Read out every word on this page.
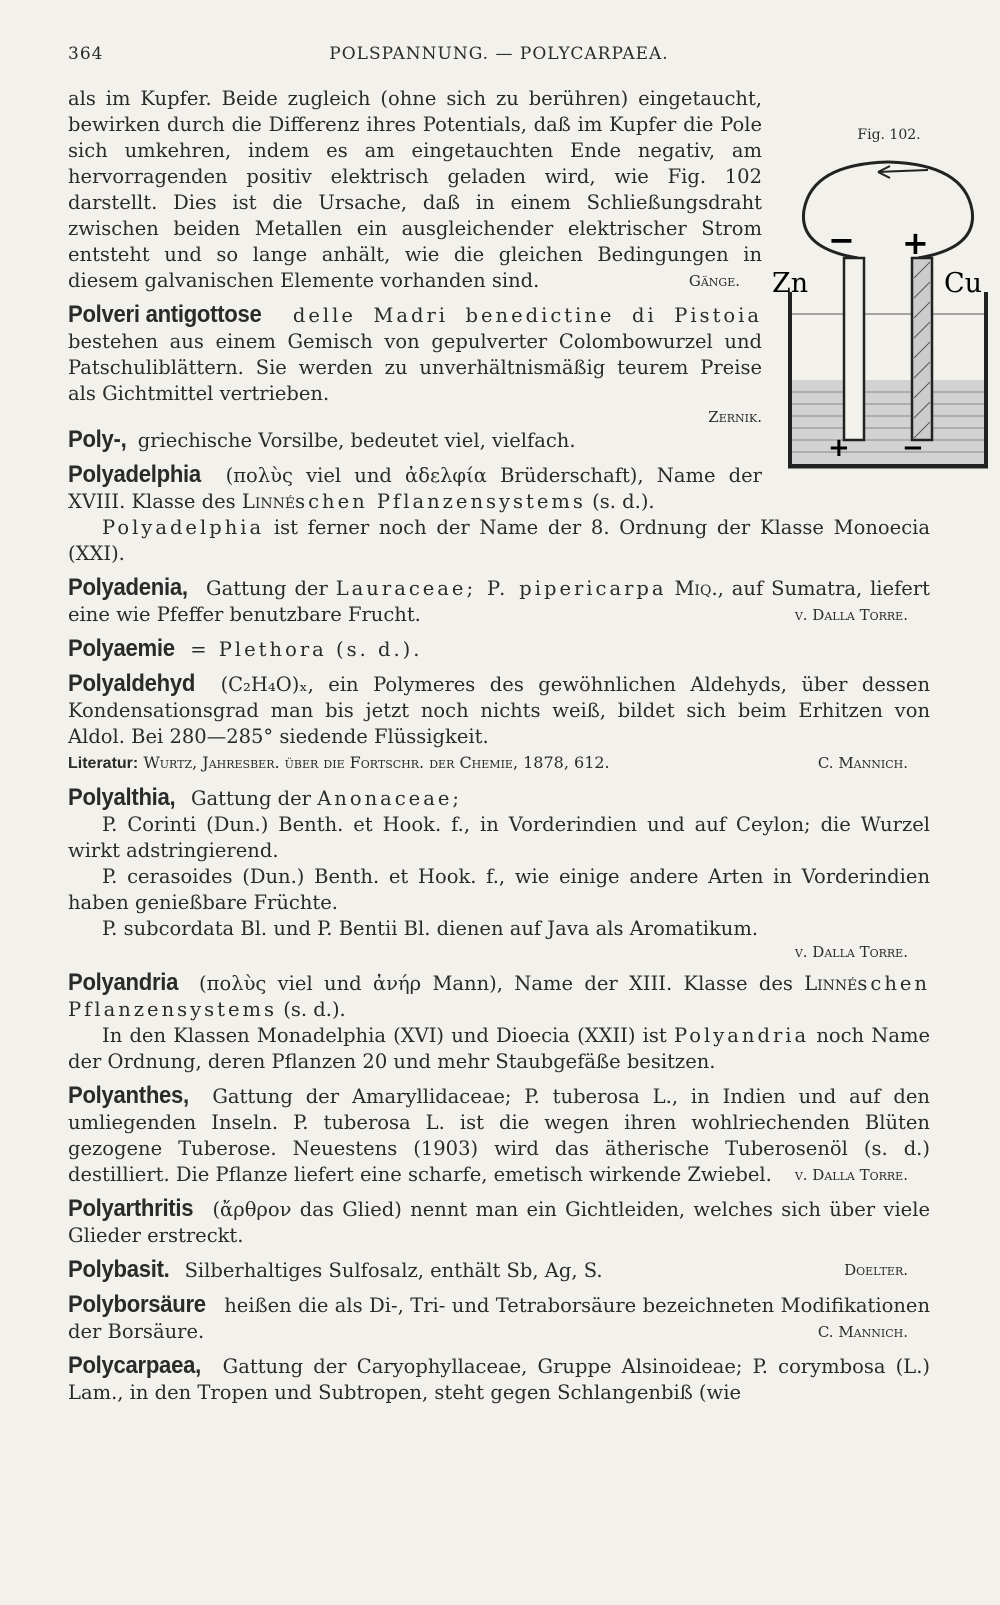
364	POLSPANNUNG. — POLYCARPAEA.
Fig. 102.
− +
+ −
Zn	Cu

als im Kupfer. Beide zugleich (ohne sich zu berühren) eingetaucht, bewirken durch die Differenz ihres Potentials, daß im Kupfer die Pole sich umkehren, indem es am eingetauchten Ende negativ, am hervorragenden positiv elektrisch geladen wird, wie Fig. 102 darstellt. Dies ist die Ursache, daß in einem Schließungsdraht zwischen beiden Metallen ein ausgleichender elektrischer Strom entsteht und so lange anhält, wie die gleichen Bedingungen in diesem galvanischen Elemente vorhanden sind.	Gänge.

Polveri antigottose delle Madri benedictine di Pistoia bestehen aus einem Gemisch von gepulverter Colombowurzel und Patschuliblättern. Sie werden zu unverhältnismäßig teurem Preise als Gichtmittel vertrieben.

Zernik.

Poly-, griechische Vorsilbe, bedeutet viel, vielfach.

Polyadelphia (πολὺς viel und ἀδελφία Brüderschaft), Name der XVIII. Klasse des Linnéschen Pflanzensystems (s. d.).

Polyadelphia ist ferner noch der Name der 8. Ordnung der Klasse Monoecia (XXI).

Polyadenia, Gattung der Lauraceae; P. pipericarpa Miq., auf Sumatra, liefert eine wie Pfeffer benutzbare Frucht.	v. Dalla Torre.

Polyaemie = Plethora (s. d.).

Polyaldehyd (C₂H₄O)ₓ, ein Polymeres des gewöhnlichen Aldehyds, über dessen Kondensationsgrad man bis jetzt noch nichts weiß, bildet sich beim Erhitzen von Aldol. Bei 280—285° siedende Flüssigkeit.

Literatur: Wurtz, Jahresber. über die Fortschr. der Chemie, 1878, 612.	C. Mannich.

Polyalthia, Gattung der Anonaceae;

P. Corinti (Dun.) Benth. et Hook. f., in Vorderindien und auf Ceylon; die Wurzel wirkt adstringierend.

P. cerasoides (Dun.) Benth. et Hook. f., wie einige andere Arten in Vorderindien haben genießbare Früchte.

P. subcordata Bl. und P. Bentii Bl. dienen auf Java als Aromatikum.

v. Dalla Torre.

Polyandria (πολὺς viel und ἀνήρ Mann), Name der XIII. Klasse des Linnéschen Pflanzensystems (s. d.).

In den Klassen Monadelphia (XVI) und Dioecia (XXII) ist Polyandria noch Name der Ordnung, deren Pflanzen 20 und mehr Staubgefäße besitzen.

Polyanthes, Gattung der Amaryllidaceae; P. tuberosa L., in Indien und auf den umliegenden Inseln. P. tuberosa L. ist die wegen ihren wohlriechenden Blüten gezogene Tuberose. Neuestens (1903) wird das ätherische Tuberosenöl (s. d.) destilliert. Die Pflanze liefert eine scharfe, emetisch wirkende Zwiebel. v. Dalla Torre.

Polyarthritis (ἄρθρον das Glied) nennt man ein Gichtleiden, welches sich über viele Glieder erstreckt.

Polybasit. Silberhaltiges Sulfosalz, enthält Sb, Ag, S.	Doelter.

Polyborsäure heißen die als Di-, Tri- und Tetraborsäure bezeichneten Modifikationen der Borsäure.	C. Mannich.

Polycarpaea, Gattung der Caryophyllaceae, Gruppe Alsinoideae; P. corymbosa (L.) Lam., in den Tropen und Subtropen, steht gegen Schlangenbiß (wie
